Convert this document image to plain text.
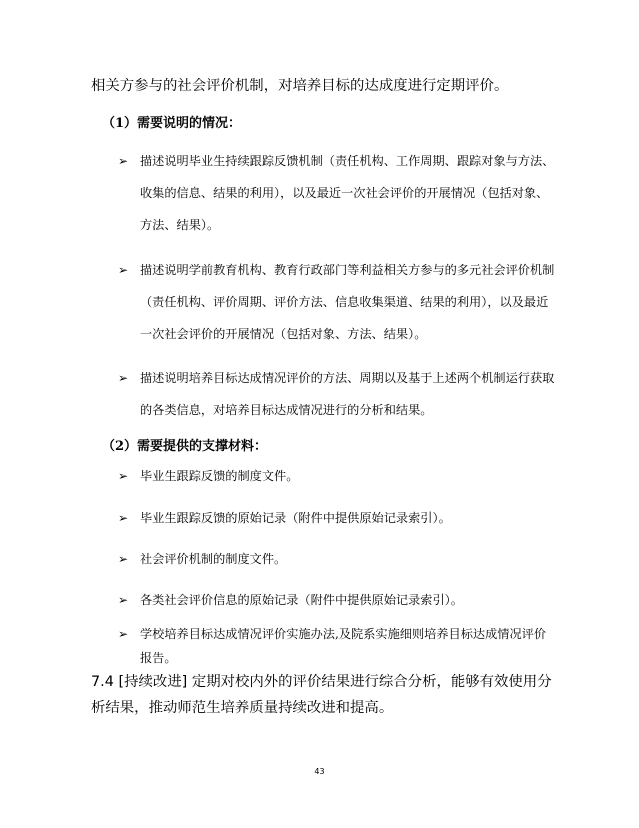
相关方参与的社会评价机制，对培养目标的达成度进行定期评价。
（1）需要说明的情况：
➢ 描述说明毕业生持续跟踪反馈机制（责任机构、工作周期、跟踪对象与方法、收集的信息、结果的利用），以及最近一次社会评价的开展情况（包括对象、方法、结果）。
➢ 描述说明学前教育机构、教育行政部门等利益相关方参与的多元社会评价机制（责任机构、评价周期、评价方法、信息收集渠道、结果的利用），以及最近一次社会评价的开展情况（包括对象、方法、结果）。
➢ 描述说明培养目标达成情况评价的方法、周期以及基于上述两个机制运行获取的各类信息，对培养目标达成情况进行的分析和结果。
（2）需要提供的支撑材料：
➢ 毕业生跟踪反馈的制度文件。
➢ 毕业生跟踪反馈的原始记录（附件中提供原始记录索引）。
➢ 社会评价机制的制度文件。
➢ 各类社会评价信息的原始记录（附件中提供原始记录索引）。
➢ 学校培养目标达成情况评价实施办法,及院系实施细则培养目标达成情况评价报告。
7.4 [持续改进] 定期对校内外的评价结果进行综合分析，能够有效使用分析结果，推动师范生培养质量持续改进和提高。
43
